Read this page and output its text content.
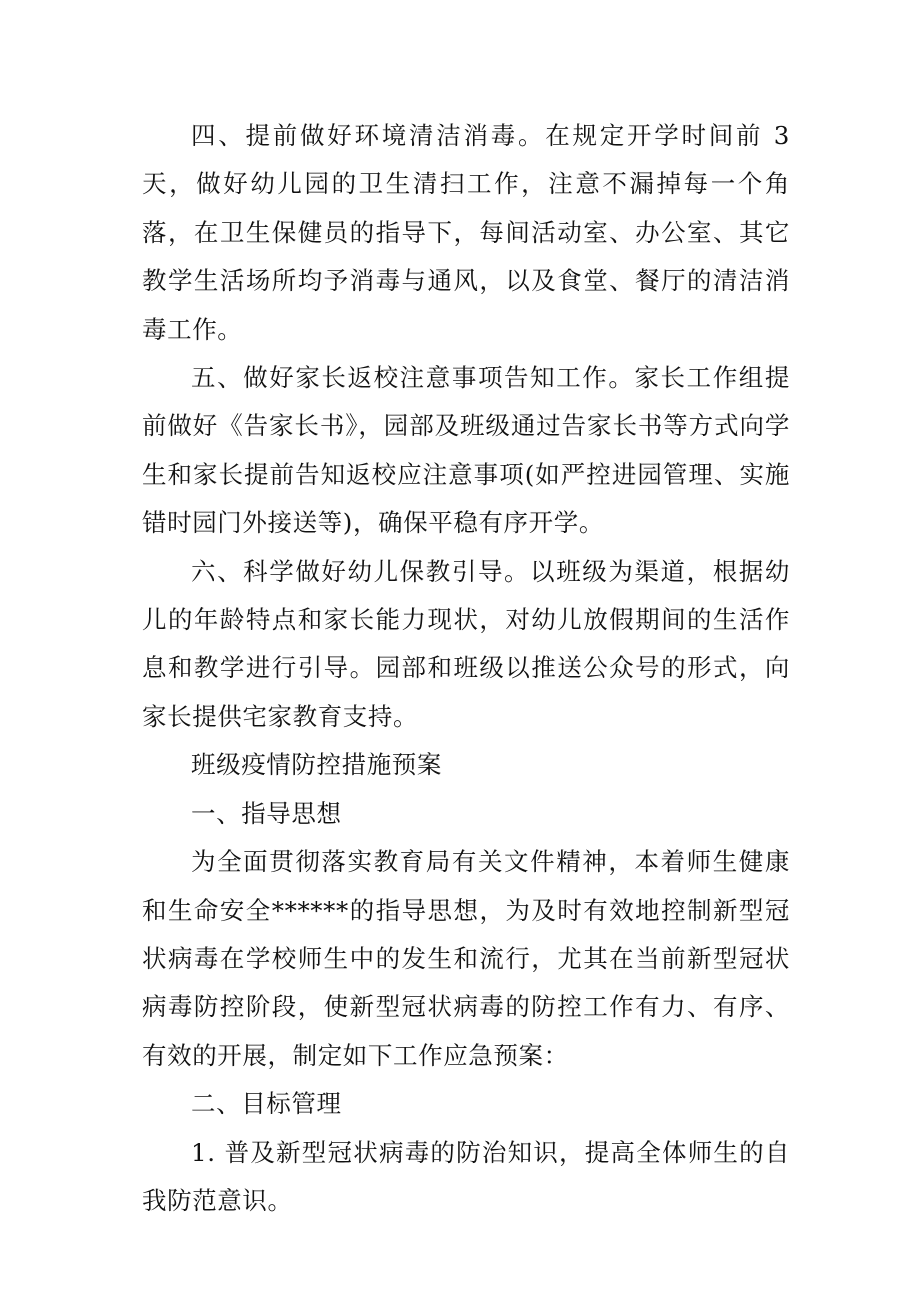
四、提前做好环境清洁消毒。在规定开学时间前 3 天，做好幼儿园的卫生清扫工作，注意不漏掉每一个角落，在卫生保健员的指导下，每间活动室、办公室、其它教学生活场所均予消毒与通风，以及食堂、餐厅的清洁消毒工作。

五、做好家长返校注意事项告知工作。家长工作组提前做好《告家长书》，园部及班级通过告家长书等方式向学生和家长提前告知返校应注意事项(如严控进园管理、实施错时园门外接送等)，确保平稳有序开学。

六、科学做好幼儿保教引导。以班级为渠道，根据幼儿的年龄特点和家长能力现状，对幼儿放假期间的生活作息和教学进行引导。园部和班级以推送公众号的形式，向家长提供宅家教育支持。

班级疫情防控措施预案

一、指导思想

为全面贯彻落实教育局有关文件精神，本着师生健康和生命安全******的指导思想，为及时有效地控制新型冠状病毒在学校师生中的发生和流行，尤其在当前新型冠状病毒防控阶段，使新型冠状病毒的防控工作有力、有序、有效的开展，制定如下工作应急预案：

二、目标管理

1. 普及新型冠状病毒的防治知识，提高全体师生的自我防范意识。
